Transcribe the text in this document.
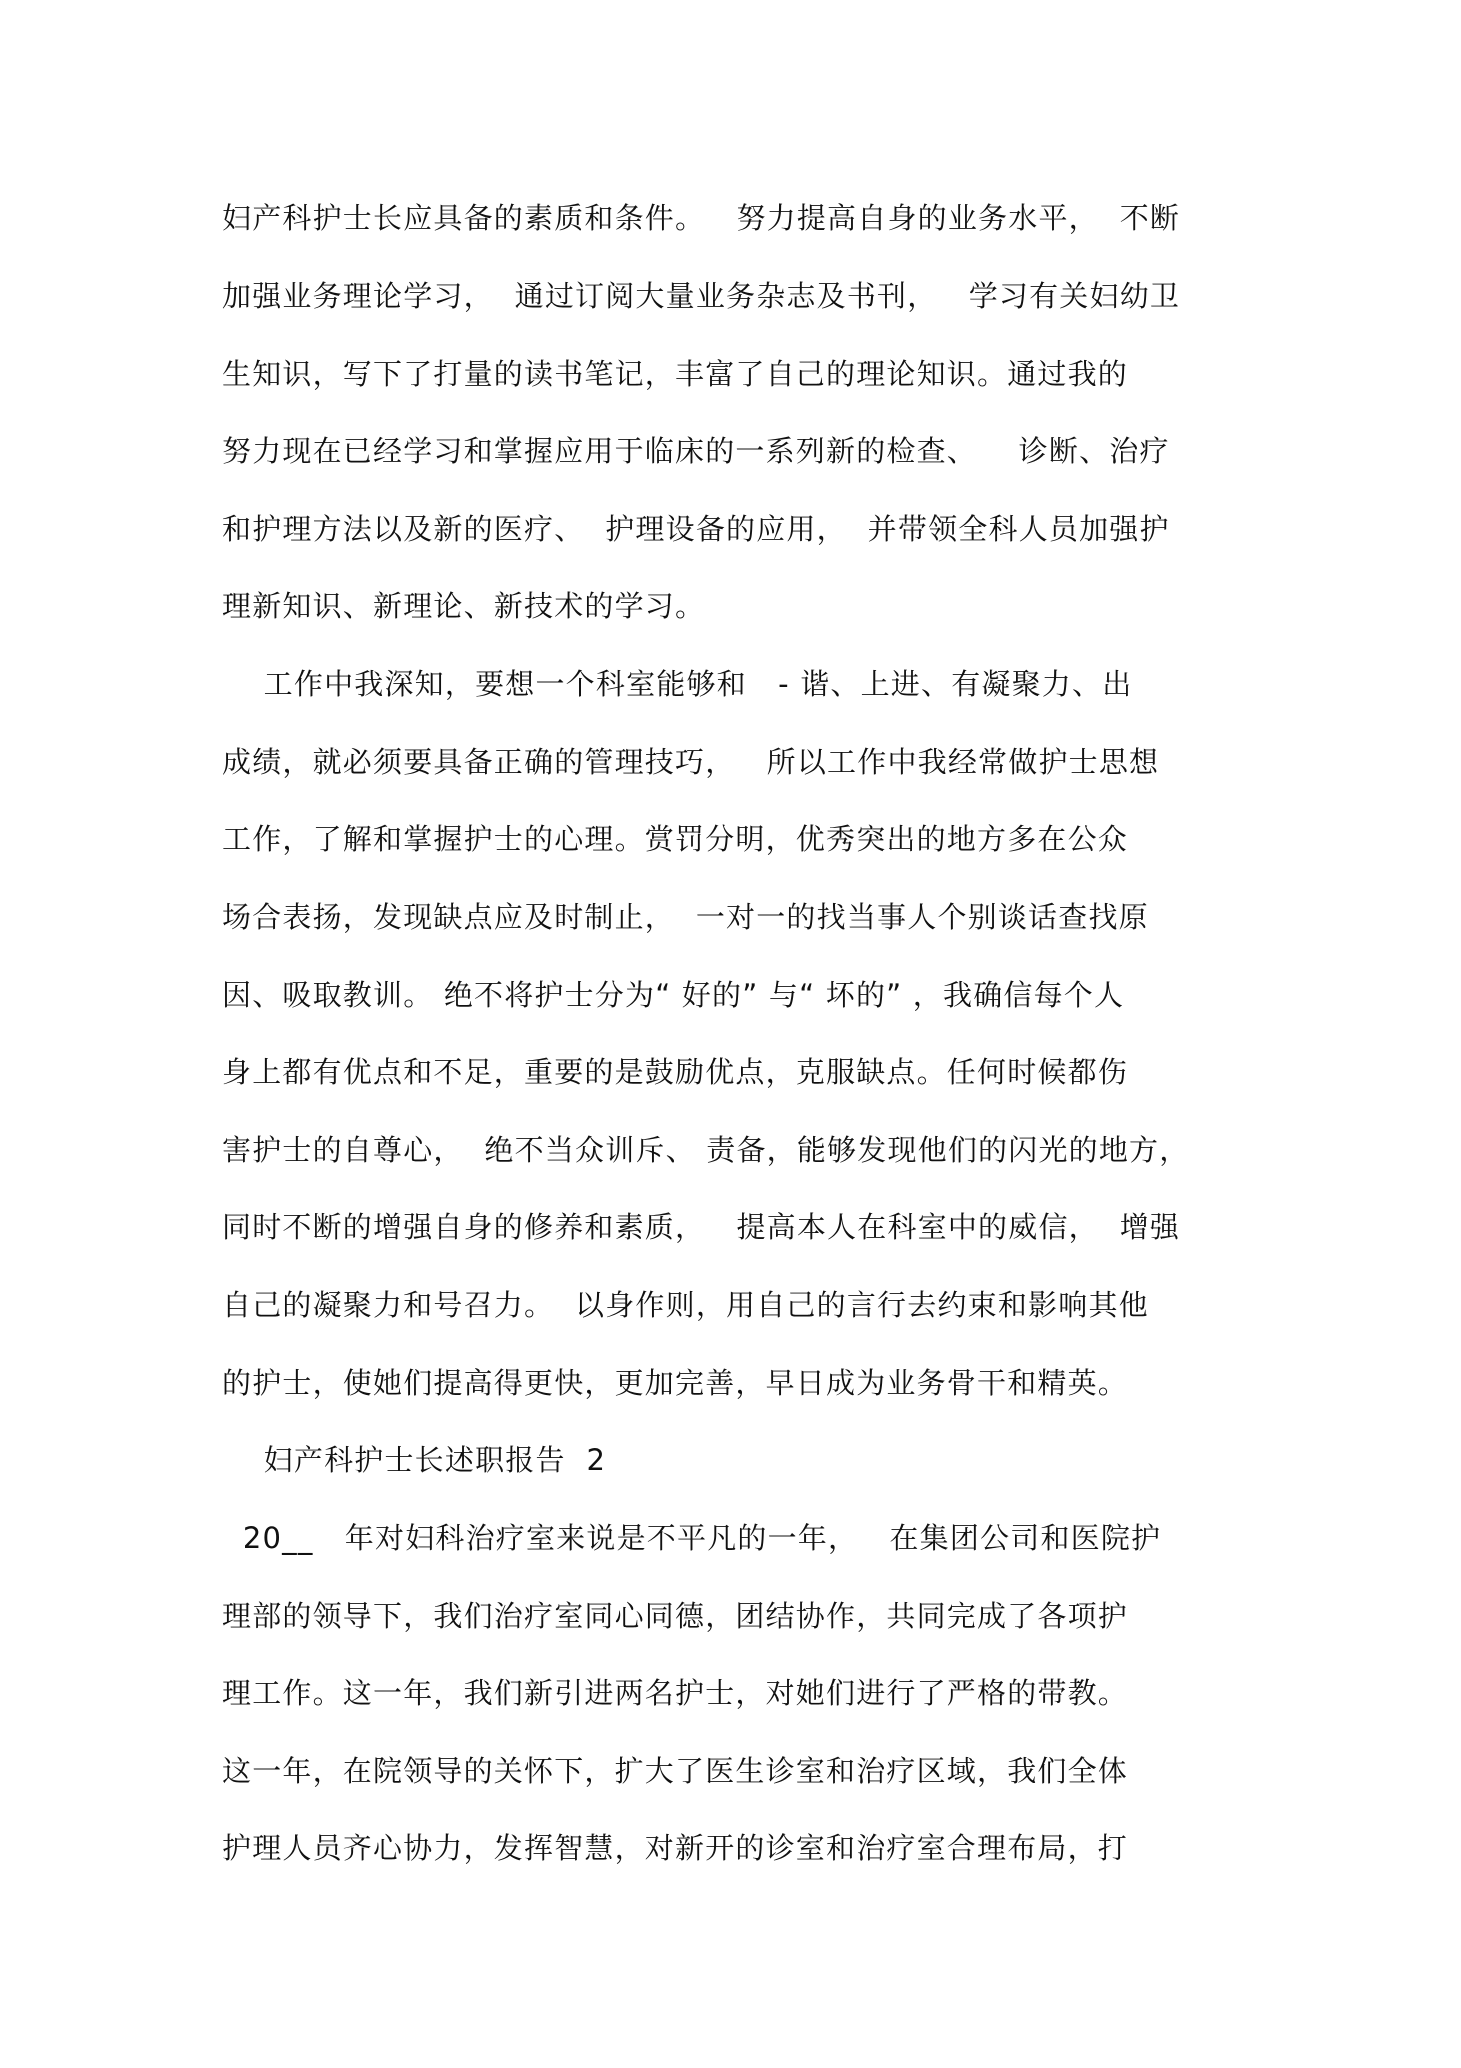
妇产科护士长应具备的素质和条件。   努力提高自身的业务水平，  不断
加强业务理论学习，  通过订阅大量业务杂志及书刊，   学习有关妇幼卫
生知识，写下了打量的读书笔记，丰富了自己的理论知识。通过我的
努力现在已经学习和掌握应用于临床的一系列新的检查、    诊断、治疗
和护理方法以及新的医疗、  护理设备的应用，  并带领全科人员加强护
理新知识、新理论、新技术的学习。
工作中我深知，要想一个科室能够和   - 谐、上进、有凝聚力、出
成绩，就必须要具备正确的管理技巧，   所以工作中我经常做护士思想
工作，了解和掌握护士的心理。赏罚分明，优秀突出的地方多在公众
场合表扬，发现缺点应及时制止，  一对一的找当事人个别谈话查找原
因、吸取教训。 绝不将护士分为“ 好的” 与“ 坏的” ，我确信每个人
身上都有优点和不足，重要的是鼓励优点，克服缺点。任何时候都伤
害护士的自尊心，  绝不当众训斥、 责备，能够发现他们的闪光的地方，
同时不断的增强自身的修养和素质，   提高本人在科室中的威信，  增强
自己的凝聚力和号召力。  以身作则，用自己的言行去约束和影响其他
的护士，使她们提高得更快，更加完善，早日成为业务骨干和精英。
妇产科护士长述职报告  2
20__   年对妇科治疗室来说是不平凡的一年，   在集团公司和医院护
理部的领导下，我们治疗室同心同德，团结协作，共同完成了各项护
理工作。这一年，我们新引进两名护士，对她们进行了严格的带教。
这一年，在院领导的关怀下，扩大了医生诊室和治疗区域，我们全体
护理人员齐心协力，发挥智慧，对新开的诊室和治疗室合理布局，打
